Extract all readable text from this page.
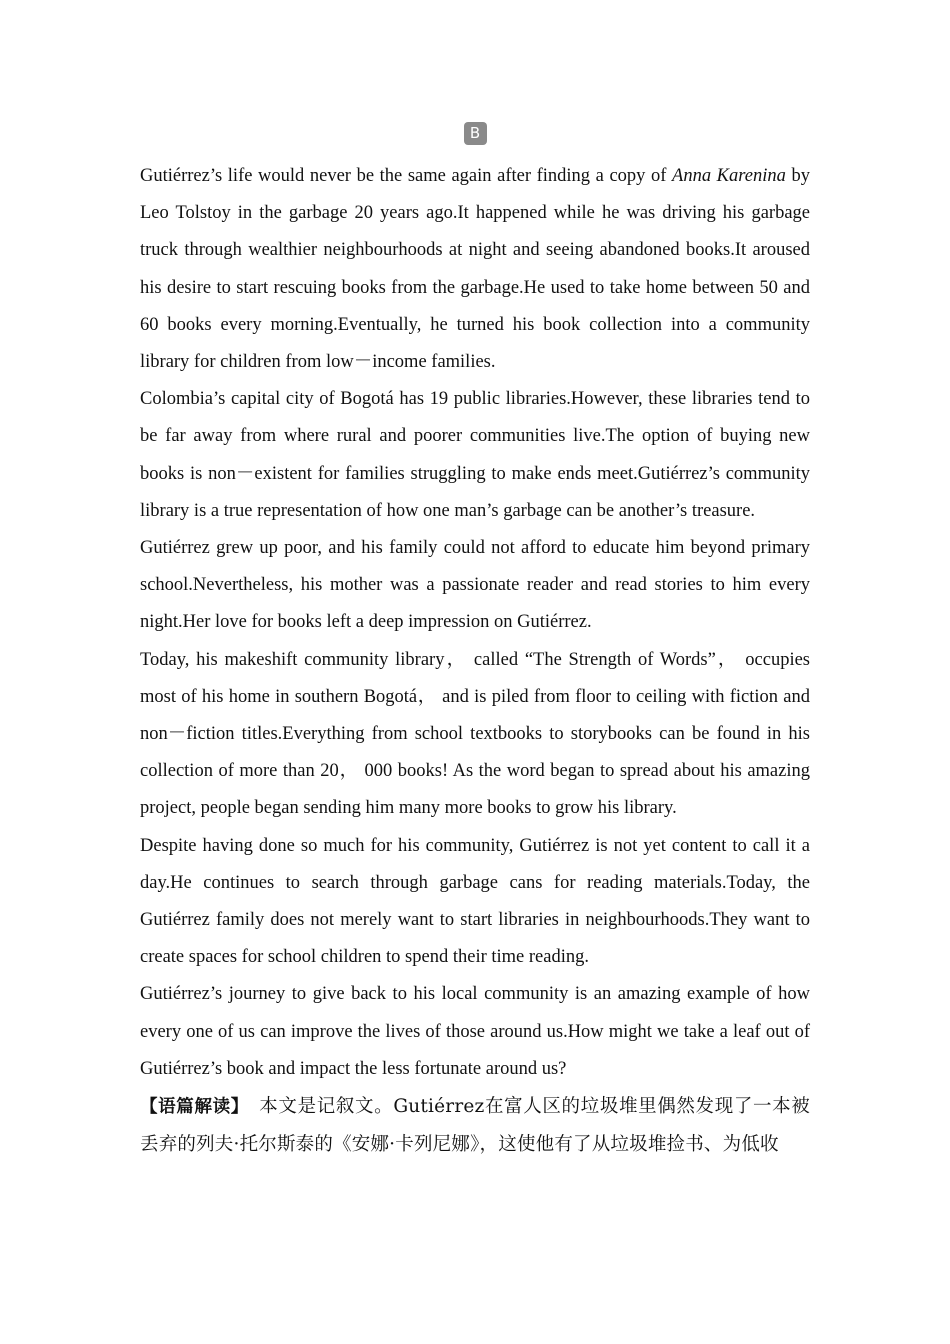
B

Gutiérrez’s life would never be the same again after finding a copy of Anna Karenina by Leo Tolstoy in the garbage 20 years ago.It happened while he was driving his garbage truck through wealthier neighbourhoods at night and seeing abandoned books.It aroused his desire to start rescuing books from the garbage.He used to take home between 50 and 60 books every morning.Eventually, he turned his book collection into a community library for children from low－income families.

Colombia’s capital city of Bogotá has 19 public libraries.However, these libraries tend to be far away from where rural and poorer communities live.The option of buying new books is non－existent for families struggling to make ends meet.Gutiérrez’s community library is a true representation of how one man’s garbage can be another’s treasure.

Gutiérrez grew up poor, and his family could not afford to educate him beyond primary school.Nevertheless, his mother was a passionate reader and read stories to him every night.Her love for books left a deep impression on Gutiérrez.

Today, his makeshift community library， called “The Strength of Words”， occupies most of his home in southern Bogotá， and is piled from floor to ceiling with fiction and non－fiction titles.Everything from school textbooks to storybooks can be found in his collection of more than 20， 000 books! As the word began to spread about his amazing project, people began sending him many more books to grow his library.

Despite having done so much for his community, Gutiérrez is not yet content to call it a day.He continues to search through garbage cans for reading materials.Today, the Gutiérrez family does not merely want to start libraries in neighbourhoods.They want to create spaces for school children to spend their time reading.

Gutiérrez’s journey to give back to his local community is an amazing example of how every one of us can improve the lives of those around us.How might we take a leaf out of Gutiérrez’s book and impact the less fortunate around us?

【语篇解读】　本文是记叙文。Gutiérrez在富人区的垃圾堆里偶然发现了一本被丢弃的列夫·托尔斯泰的《安娜·卡列尼娜》，这使他有了从垃圾堆捡书、为低收
